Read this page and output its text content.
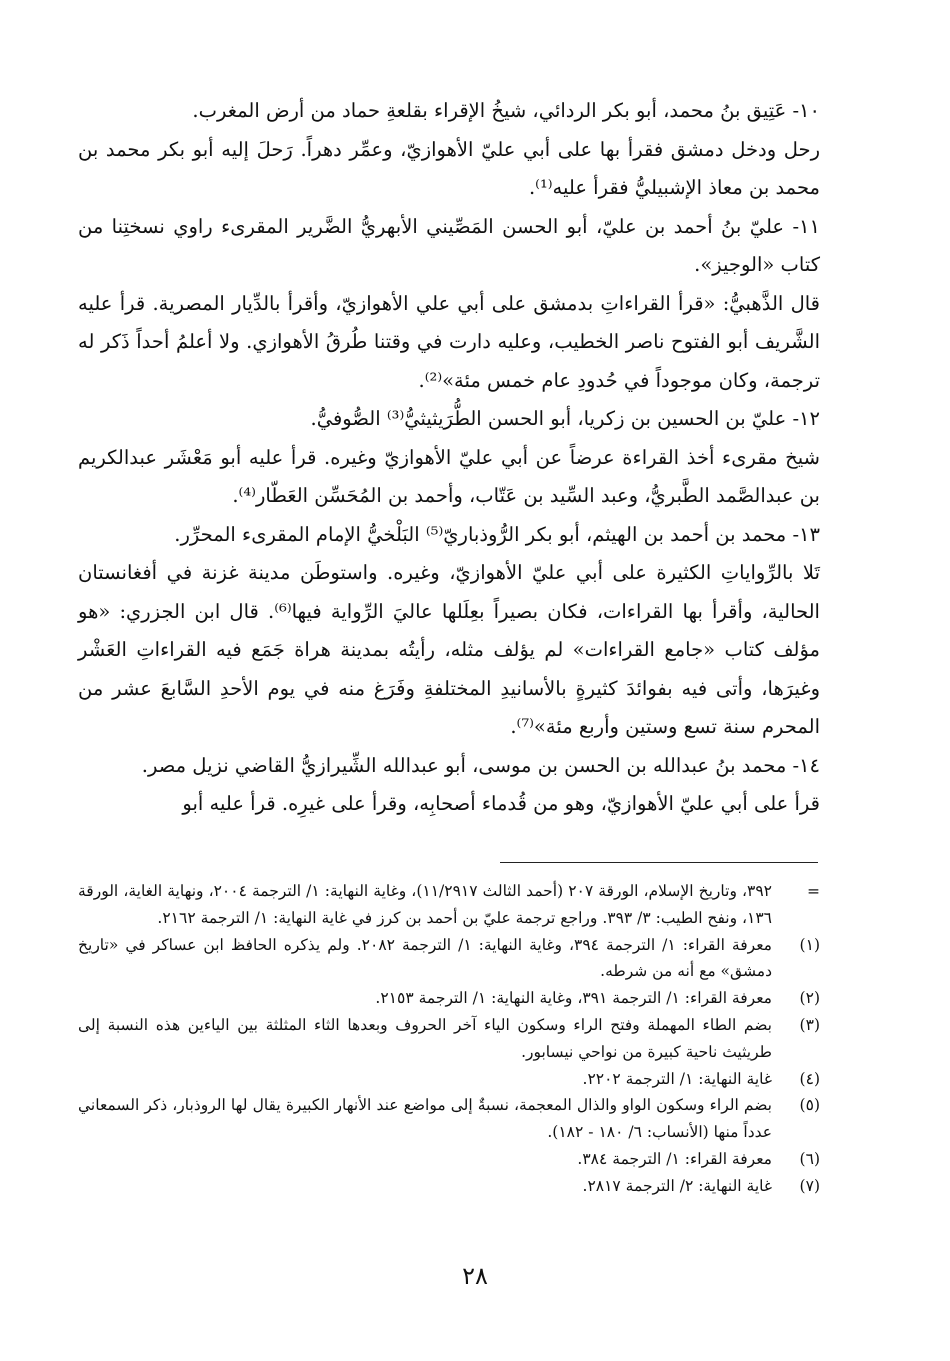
١٠- عَتِيق بنُ محمد، أبو بكر الردائي، شيخُ الإقراء بقلعةِ حماد من أرض المغرب.

رحل ودخل دمشق فقرأ بها على أبي عليّ الأهوازيّ، وعمِّر دهراً. رَحلَ إليه أبو بكر محمد بن محمد بن معاذ الإشبيليُّ فقرأ عليه⁽¹⁾.

١١- عليّ بنُ أحمد بن عليّ، أبو الحسن المَصِّيني الأبهريُّ الضَّرير المقرىء راوي نسختِنا من كتاب «الوجيز».

قال الذَّهبيُّ: «قرأ القراءاتِ بدمشق على أبي علي الأهوازيّ، وأقرأ بالدِّيار المصرية. قرأ عليه الشَّريف أبو الفتوح ناصر الخطيب، وعليه دارت في وقتنا طُرقُ الأهوازي. ولا أعلمُ أحداً ذَكر له ترجمة، وكان موجوداً في حُدودِ عام خمس مئة»⁽²⁾.

١٢- عليّ بن الحسين بن زكريا، أبو الحسن الطُّرَيثيثيُّ⁽³⁾ الصُّوفيُّ.

شيخ مقرىء أخذ القراءة عرضاً عن أبي عليّ الأهوازيّ وغيره. قرأ عليه أبو مَعْشَر عبدالكريم بن عبدالصَّمد الطَّبريُّ، وعبد السِّيد بن عَتّاب، وأحمد بن المُحَسِّن العَطّار⁽⁴⁾.

١٣- محمد بن أحمد بن الهيثم، أبو بكر الرُّوذباريّ⁽⁵⁾ البَلْخيُّ الإمام المقرىء المحرِّر.

تَلا بالرِّواياتِ الكثيرة على أبي عليّ الأهوازيّ، وغيره. واستوطَن مدينة غزنة في أفغانستان الحالية، وأقرأ بها القراءات، فكان بصيراً بعِلَلها عاليَ الرِّواية فيها⁽⁶⁾. قال ابن الجزري: «هو مؤلف كتاب «جامع القراءات» لم يؤلف مثله، رأيتُه بمدينة هراة جَمَع فيه القراءاتِ العَشْر وغيرَها، وأتى فيه بفوائدَ كثيرةٍ بالأسانيدِ المختلفةِ وفَرَغ منه في يوم الأحدِ السَّابعَ عشر من المحرم سنة تسع وستين وأربع مئة»⁽⁷⁾.

١٤- محمد بنُ عبدالله بن الحسن بن موسى، أبو عبدالله الشِّيرازيُّ القاضي نزيل مصر.

قرأ على أبي عليّ الأهوازيّ، وهو من قُدماء أصحابِه، وقرأ على غيرِه. قرأ عليه أبو

=
٣٩٢، وتاريخ الإسلام، الورقة ٢٠٧ (أحمد الثالث ١١/٢٩١٧)، وغاية النهاية: ١/ الترجمة ٢٠٠٤، ونهاية الغاية، الورقة ١٣٦، ونفح الطيب: ٣/ ٣٩٣. وراجع ترجمة عليّ بن أحمد بن كرز في غاية النهاية: ١/ الترجمة ٢١٦٢.
(١)
معرفة القراء: ١/ الترجمة ٣٩٤، وغاية النهاية: ١/ الترجمة ٢٠٨٢. ولم يذكره الحافظ ابن عساكر في «تاريخ دمشق» مع أنه من شرطه.
(٢)
معرفة القراء: ١/ الترجمة ٣٩١، وغاية النهاية: ١/ الترجمة ٢١٥٣.
(٣)
بضم الطاء المهملة وفتح الراء وسكون الياء آخر الحروف وبعدها الثاء المثلثة بين الياءين هذه النسبة إلى طريثيث ناحية كبيرة من نواحي نيسابور.
(٤)
غاية النهاية: ١/ الترجمة ٢٢٠٢.
(٥)
بضم الراء وسكون الواو والذال المعجمة، نسبةٌ إلى مواضع عند الأنهار الكبيرة يقال لها الروذبار، ذكر السمعاني عدداً منها (الأنساب: ٦/ ١٨٠ - ١٨٢).
(٦)
معرفة القراء: ١/ الترجمة ٣٨٤.
(٧)
غاية النهاية: ٢/ الترجمة ٢٨١٧.
٢٨
